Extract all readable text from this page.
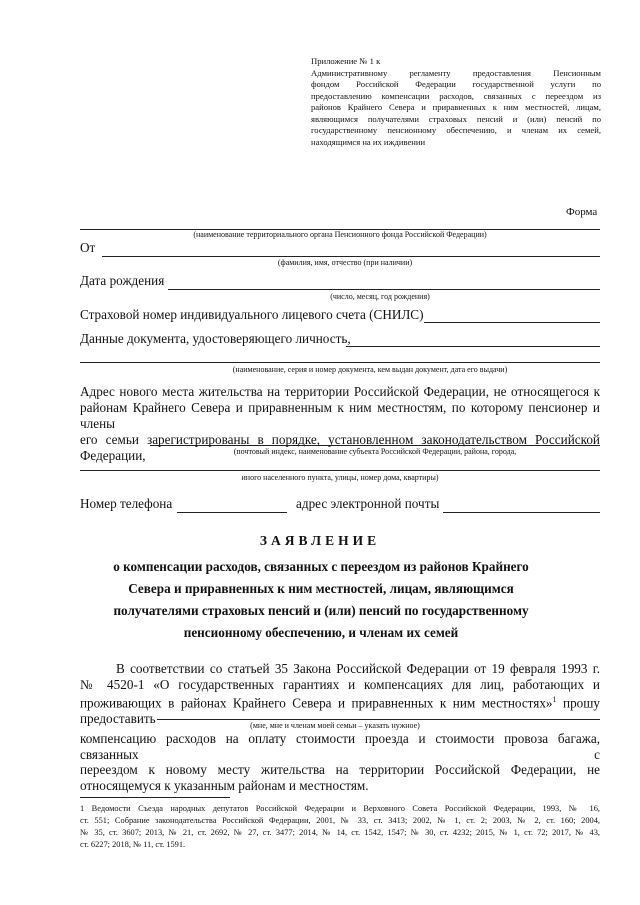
Приложение № 1 к
Административному регламенту предоставления Пенсионным
фондом Российской Федерации государственной услуги по
предоставлению компенсации расходов, связанных с переездом из
районов Крайнего Севера и приравненных к ним местностей, лицам,
являющимся получателями страховых пенсий и (или) пенсий по
государственному пенсионному обеспечению, и членам их семей,
находящимся на их иждивении
Форма
(наименование территориального органа Пенсионного фонда Российской Федерации)
От
(фамилия, имя, отчество (при наличии)
Дата рождения
(число, месяц, год рождения)
Страховой номер индивидуального лицевого счета (СНИЛС)
Данные документа, удостоверяющего личность,
(наименование, серия и номер документа, кем выдан документ, дата его выдачи)
Адрес нового места жительства на территории Российской Федерации, не относящегося к
районам Крайнего Севера и приравненным к ним местностям, по которому пенсионер и члены
его семьи зарегистрированы в порядке, установленном законодательством Российской
Федерации,	(почтовый индекс, наименование субъекта Российской Федерации, района, города,
иного населенного пункта, улицы, номер дома, квартиры)
Номер телефона	адрес электронной почты
ЗАЯВЛЕНИЕ
о компенсации расходов, связанных с переездом из районов Крайнего
Севера и приравненных к ним местностей, лицам, являющимся
получателями страховых пенсий и (или) пенсий по государственному
пенсионному обеспечению, и членам их семей
В соответствии со статьей 35 Закона Российской Федерации от 19 февраля 1993 г.
№ 4520-1 «О государственных гарантиях и компенсациях для лиц, работающих и
проживающих в районах Крайнего Севера и приравненных к ним местностях»$^1$ прошу
предоставить	(мне, мне и членам моей семьи – указать нужное)
компенсацию расходов на оплату стоимости проезда и стоимости провоза багажа, связанных с
переездом к новому месту жительства на территории Российской Федерации, не
относящемуся к указанным районам и местностям.
1 Ведомости Съезда народных депутатов Российской Федерации и Верховного Совета Российской Федерации, 1993, № 16,
ст. 551; Собрание законодательства Российской Федерации, 2001, № 33, ст. 3413; 2002, № 1, ст. 2; 2003, № 2, ст. 160; 2004,
№ 35, ст. 3607; 2013, № 21, ст. 2692, № 27, ст. 3477; 2014, № 14, ст. 1542, 1547; № 30, ст. 4232; 2015, № 1, ст. 72; 2017, № 43,
ст. 6227; 2018, № 11, ст. 1591.
